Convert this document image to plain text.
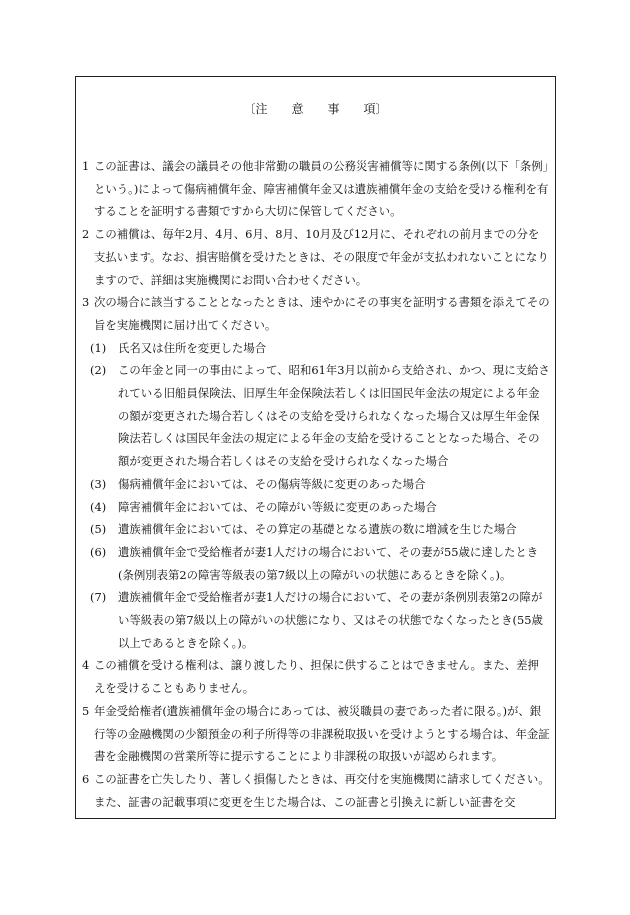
〔注　　意　　事　　項〕

1 この証書は、議会の議員その他非常勤の職員の公務災害補償等に関する条例(以下「条例」という。)によって傷病補償年金、障害補償年金又は遺族補償年金の支給を受ける権利を有することを証明する書類ですから大切に保管してください。

2 この補償は、毎年2月、4月、6月、8月、10月及び12月に、それぞれの前月までの分を支払います。なお、損害賠償を受けたときは、その限度で年金が支払われないことになりますので、詳細は実施機関にお問い合わせください。

3 次の場合に該当することとなったときは、速やかにその事実を証明する書類を添えてその旨を実施機関に届け出てください。

(1) 氏名又は住所を変更した場合

(2) この年金と同一の事由によって、昭和61年3月以前から支給され、かつ、現に支給されている旧船員保険法、旧厚生年金保険法若しくは旧国民年金法の規定による年金の額が変更された場合若しくはその支給を受けられなくなった場合又は厚生年金保険法若しくは国民年金法の規定による年金の支給を受けることとなった場合、その額が変更された場合若しくはその支給を受けられなくなった場合

(3) 傷病補償年金においては、その傷病等級に変更のあった場合

(4) 障害補償年金においては、その障がい等級に変更のあった場合

(5) 遺族補償年金においては、その算定の基礎となる遺族の数に増減を生じた場合

(6) 遺族補償年金で受給権者が妻1人だけの場合において、その妻が55歳に達したとき(条例別表第2の障害等級表の第7級以上の障がいの状態にあるときを除く。)。

(7) 遺族補償年金で受給権者が妻1人だけの場合において、その妻が条例別表第2の障がい等級表の第7級以上の障がいの状態になり、又はその状態でなくなったとき(55歳以上であるときを除く。)。

4 この補償を受ける権利は、譲り渡したり、担保に供することはできません。また、差押えを受けることもありません。

5 年金受給権者(遺族補償年金の場合にあっては、被災職員の妻であった者に限る。)が、銀行等の金融機関の少額預金の利子所得等の非課税取扱いを受けようとする場合は、年金証書を金融機関の営業所等に提示することにより非課税の取扱いが認められます。

6 この証書を亡失したり、著しく損傷したときは、再交付を実施機関に請求してください。また、証書の記載事項に変更を生じた場合は、この証書と引換えに新しい証書を交
